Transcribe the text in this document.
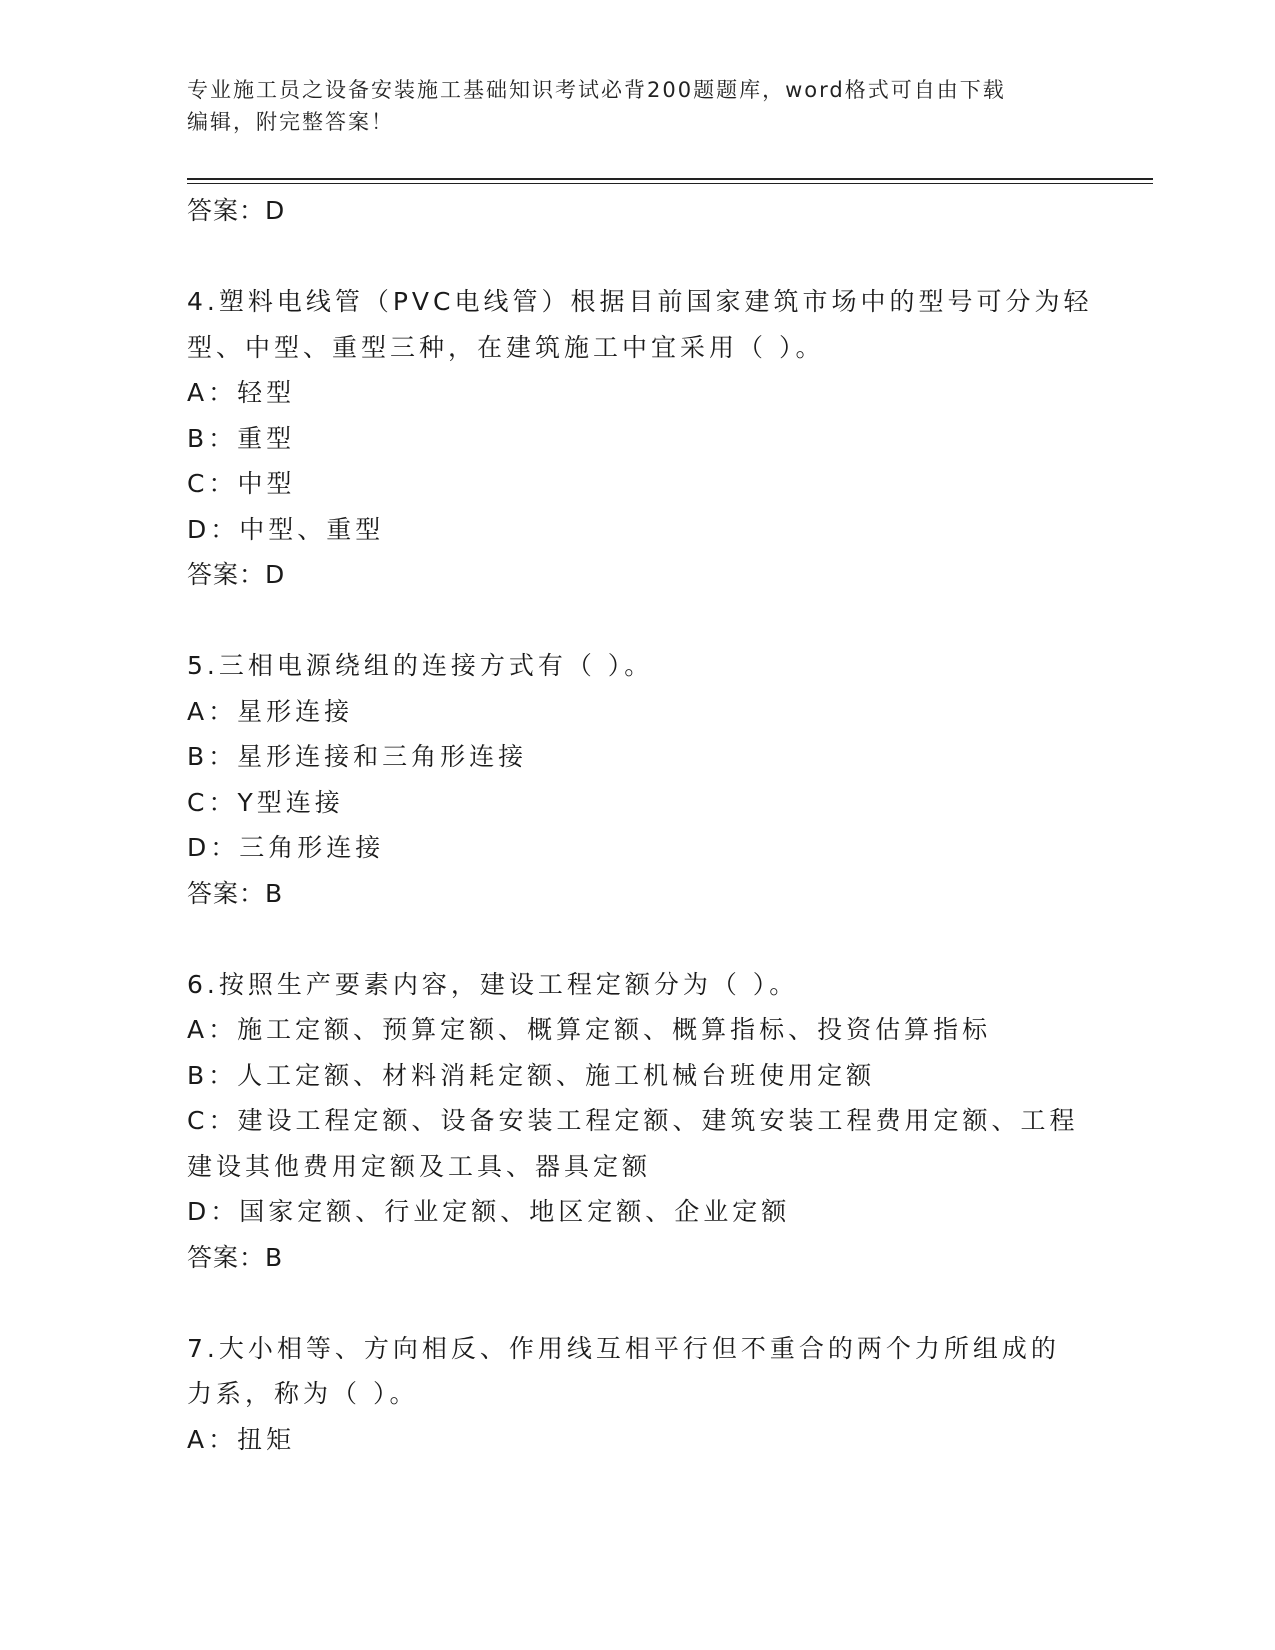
专业施工员之设备安装施工基础知识考试必背200题题库，word格式可自由下载
编辑，附完整答案！
答案：D
4.塑料电线管（PVC电线管）根据目前国家建筑市场中的型号可分为轻
型、中型、重型三种，在建筑施工中宜采用（ ）。
A：轻型
B：重型
C：中型
D：中型、重型
答案：D
5.三相电源绕组的连接方式有（ ）。
A：星形连接
B：星形连接和三角形连接
C：Y型连接
D：三角形连接
答案：B
6.按照生产要素内容，建设工程定额分为（ ）。
A：施工定额、预算定额、概算定额、概算指标、投资估算指标
B：人工定额、材料消耗定额、施工机械台班使用定额
C：建设工程定额、设备安装工程定额、建筑安装工程费用定额、工程
建设其他费用定额及工具、器具定额
D：国家定额、行业定额、地区定额、企业定额
答案：B
7.大小相等、方向相反、作用线互相平行但不重合的两个力所组成的
力系，称为（ ）。
A：扭矩
